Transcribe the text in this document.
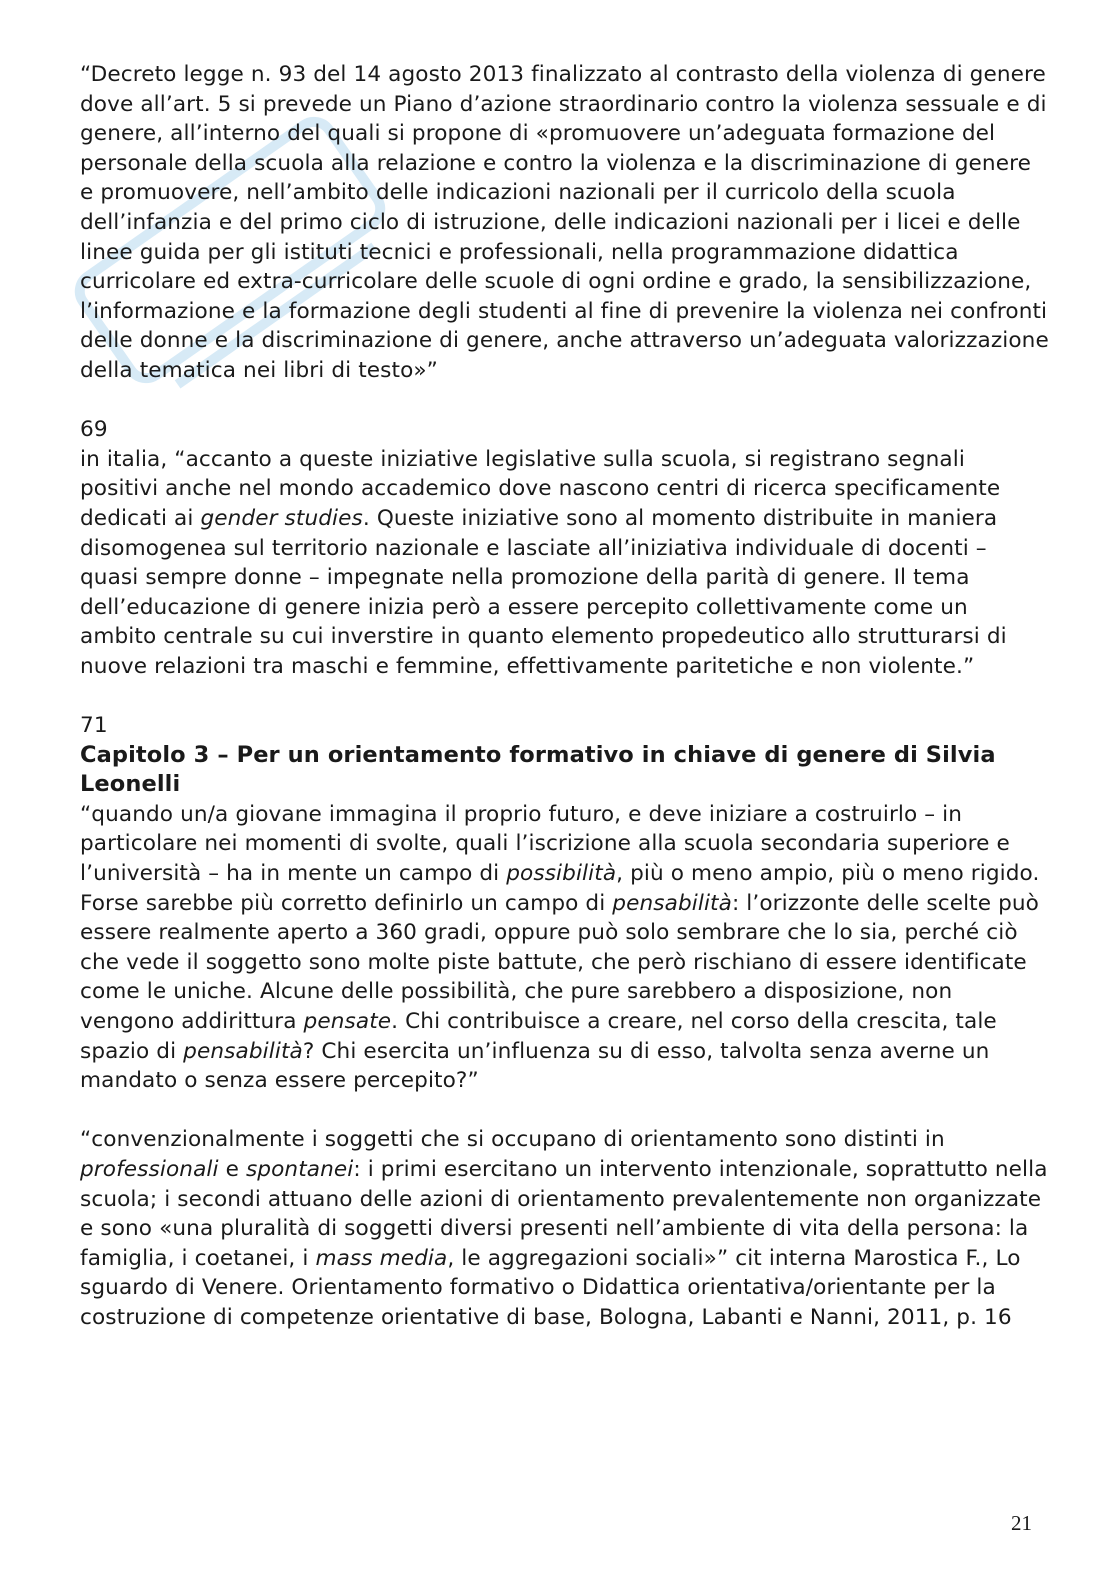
“Decreto legge n. 93 del 14 agosto 2013 finalizzato al contrasto della violenza di genere dove all’art. 5 si prevede un Piano d’azione straordinario contro la violenza sessuale e di genere, all’interno del quali si propone di «promuovere un’adeguata formazione del personale della scuola alla relazione e contro la violenza e la discriminazione di genere e promuovere, nell’ambito delle indicazioni nazionali per il curricolo della scuola dell’infanzia e del primo ciclo di istruzione, delle indicazioni nazionali per i licei e delle linee guida per gli istituti tecnici e professionali, nella programmazione didattica curricolare ed extra-curricolare delle scuole di ogni ordine e grado, la sensibilizzazione, l’informazione e la formazione degli studenti al fine di prevenire la violenza nei confronti delle donne e la discriminazione di genere, anche attraverso un’adeguata valorizzazione della tematica nei libri di testo»”

69

in italia, “accanto a queste iniziative legislative sulla scuola, si registrano segnali positivi anche nel mondo accademico dove nascono centri di ricerca specificamente dedicati ai gender studies. Queste iniziative sono al momento distribuite in maniera disomogenea sul territorio nazionale e lasciate all’iniziativa individuale di docenti – quasi sempre donne – impegnate nella promozione della parità di genere. Il tema dell’educazione di genere inizia però a essere percepito collettivamente come un ambito centrale su cui inverstire in quanto elemento propedeutico allo strutturarsi di nuove relazioni tra maschi e femmine, effettivamente paritetiche e non violente.”

71

Capitolo 3 – Per un orientamento formativo in chiave di genere di Silvia Leonelli

“quando un/a giovane immagina il proprio futuro, e deve iniziare a costruirlo – in particolare nei momenti di svolte, quali l’iscrizione alla scuola secondaria superiore e l’università – ha in mente un campo di possibilità, più o meno ampio, più o meno rigido. Forse sarebbe più corretto definirlo un campo di pensabilità: l’orizzonte delle scelte può essere realmente aperto a 360 gradi, oppure può solo sembrare che lo sia, perché ciò che vede il soggetto sono molte piste battute, che però rischiano di essere identificate come le uniche. Alcune delle possibilità, che pure sarebbero a disposizione, non vengono addirittura pensate. Chi contribuisce a creare, nel corso della crescita, tale spazio di pensabilità? Chi esercita un’influenza su di esso, talvolta senza averne un mandato o senza essere percepito?”

“convenzionalmente i soggetti che si occupano di orientamento sono distinti in professionali e spontanei: i primi esercitano un intervento intenzionale, soprattutto nella scuola; i secondi attuano delle azioni di orientamento prevalentemente non organizzate e sono «una pluralità di soggetti diversi presenti nell’ambiente di vita della persona: la famiglia, i coetanei, i mass media, le aggregazioni sociali»” cit interna Marostica F., Lo sguardo di Venere. Orientamento formativo o Didattica orientativa/orientante per la costruzione di competenze orientative di base, Bologna, Labanti e Nanni, 2011, p. 16

21
